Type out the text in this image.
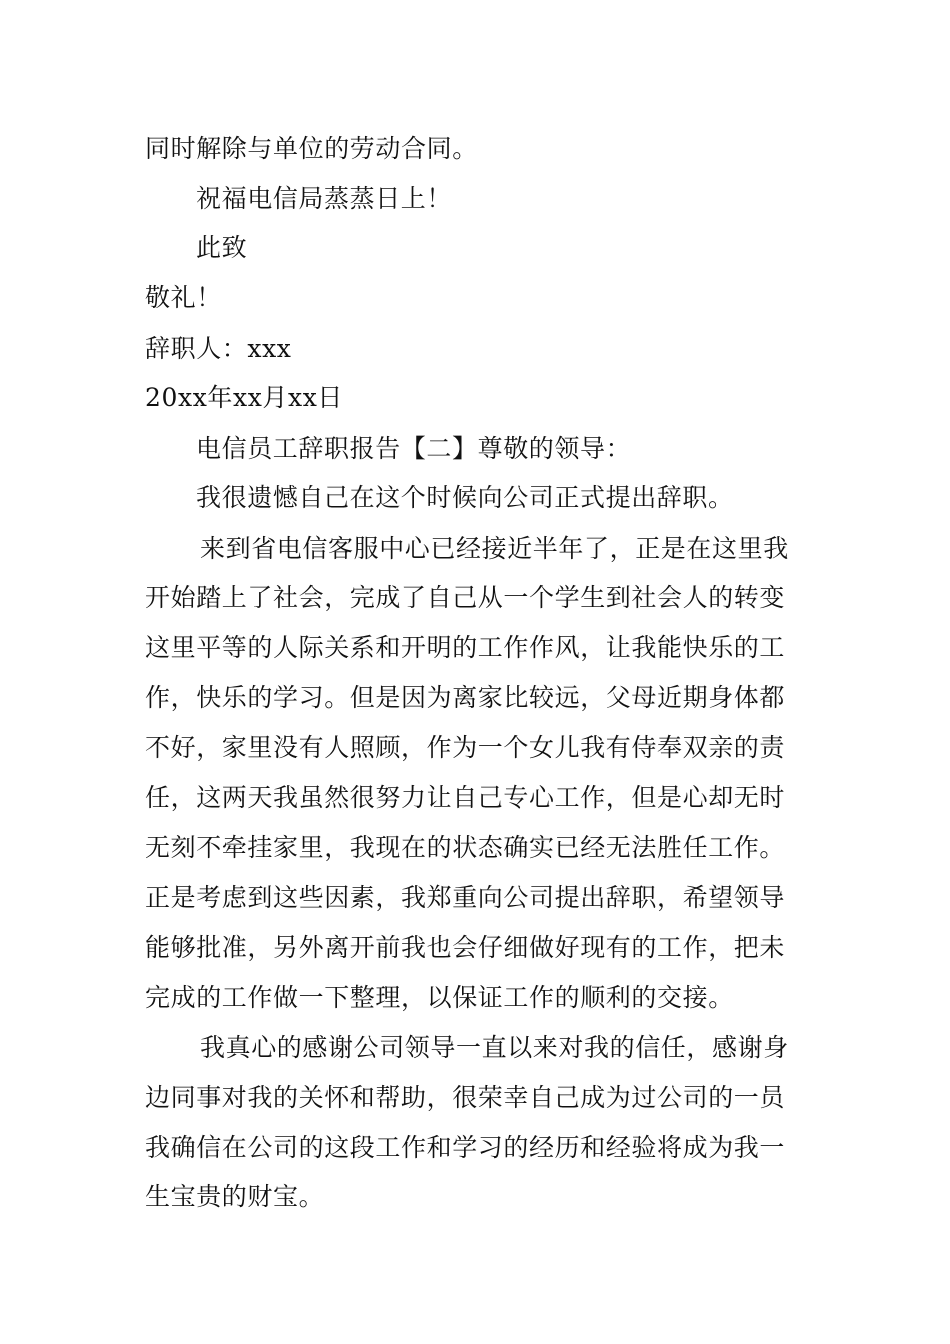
同时解除与单位的劳动合同。
祝福电信局蒸蒸日上！
此致
敬礼！
辞职人：xxx
20xx年xx月xx日
电信员工辞职报告【二】尊敬的领导：
我很遗憾自己在这个时候向公司正式提出辞职。
来到省电信客服中心已经接近半年了，正是在这里我
开始踏上了社会，完成了自己从一个学生到社会人的转变
这里平等的人际关系和开明的工作作风，让我能快乐的工
作，快乐的学习。但是因为离家比较远，父母近期身体都
不好，家里没有人照顾，作为一个女儿我有侍奉双亲的责
任，这两天我虽然很努力让自己专心工作，但是心却无时
无刻不牵挂家里，我现在的状态确实已经无法胜任工作。
正是考虑到这些因素，我郑重向公司提出辞职，希望领导
能够批准，另外离开前我也会仔细做好现有的工作，把未
完成的工作做一下整理，以保证工作的顺利的交接。
我真心的感谢公司领导一直以来对我的信任，感谢身
边同事对我的关怀和帮助，很荣幸自己成为过公司的一员
我确信在公司的这段工作和学习的经历和经验将成为我一
生宝贵的财宝。
